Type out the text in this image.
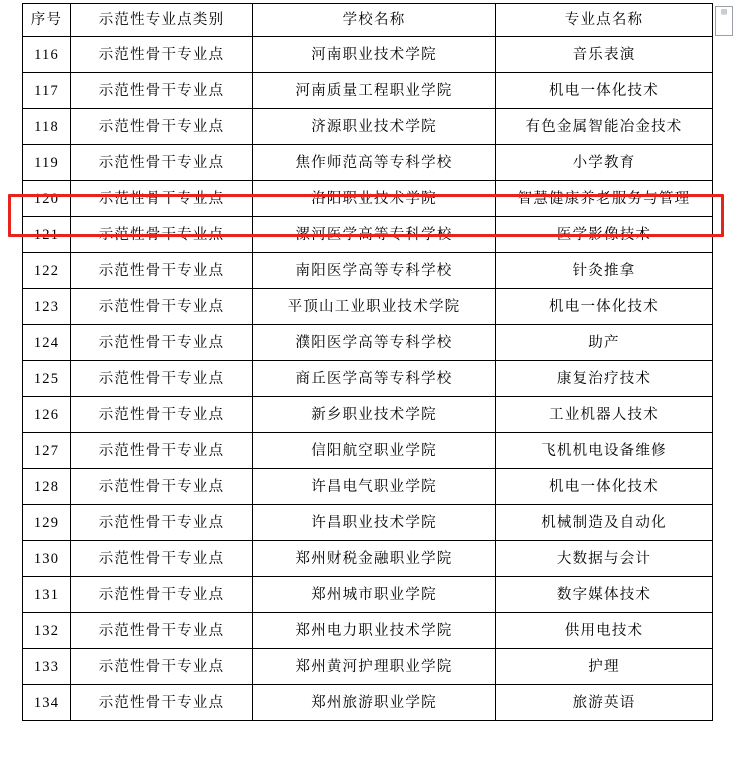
序号	示范性专业点类别	学校名称	专业点名称
116	示范性骨干专业点	河南职业技术学院	音乐表演
117	示范性骨干专业点	河南质量工程职业学院	机电一体化技术
118	示范性骨干专业点	济源职业技术学院	有色金属智能冶金技术
119	示范性骨干专业点	焦作师范高等专科学校	小学教育
120	示范性骨干专业点	洛阳职业技术学院	智慧健康养老服务与管理
121	示范性骨干专业点	漯河医学高等专科学校	医学影像技术
122	示范性骨干专业点	南阳医学高等专科学校	针灸推拿
123	示范性骨干专业点	平顶山工业职业技术学院	机电一体化技术
124	示范性骨干专业点	濮阳医学高等专科学校	助产
125	示范性骨干专业点	商丘医学高等专科学校	康复治疗技术
126	示范性骨干专业点	新乡职业技术学院	工业机器人技术
127	示范性骨干专业点	信阳航空职业学院	飞机机电设备维修
128	示范性骨干专业点	许昌电气职业学院	机电一体化技术
129	示范性骨干专业点	许昌职业技术学院	机械制造及自动化
130	示范性骨干专业点	郑州财税金融职业学院	大数据与会计
131	示范性骨干专业点	郑州城市职业学院	数字媒体技术
132	示范性骨干专业点	郑州电力职业技术学院	供用电技术
133	示范性骨干专业点	郑州黄河护理职业学院	护理
134	示范性骨干专业点	郑州旅游职业学院	旅游英语
▤
